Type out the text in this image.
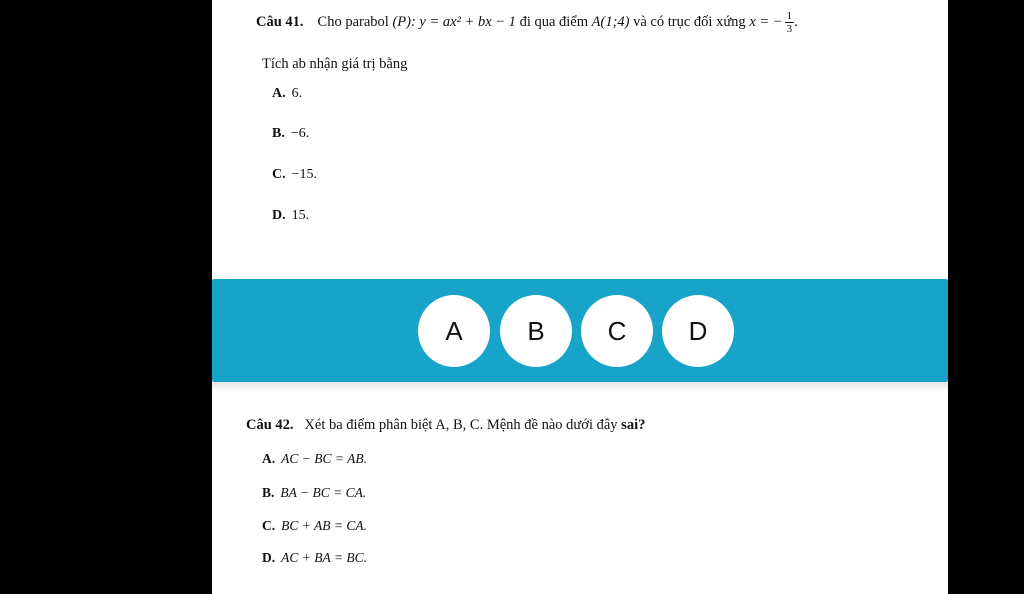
Câu 41. Cho parabol
(P): y = ax² + bx − 1
đi qua điểm
A(1;4)
và có trục đối xứng
x = − $\frac{1}{3}$ .
Tích ab nhận giá trị bằng
A. 6.
B. −6.
C. −15.
D. 15.
A	B	C	D
Câu 42. Xét ba điểm phân biệt A, B, C. Mệnh đề nào dưới đây sai?
A. AC − BC = AB.
B. BA − BC = CA.
C. BC + AB = CA.
D. AC + BA = BC.
